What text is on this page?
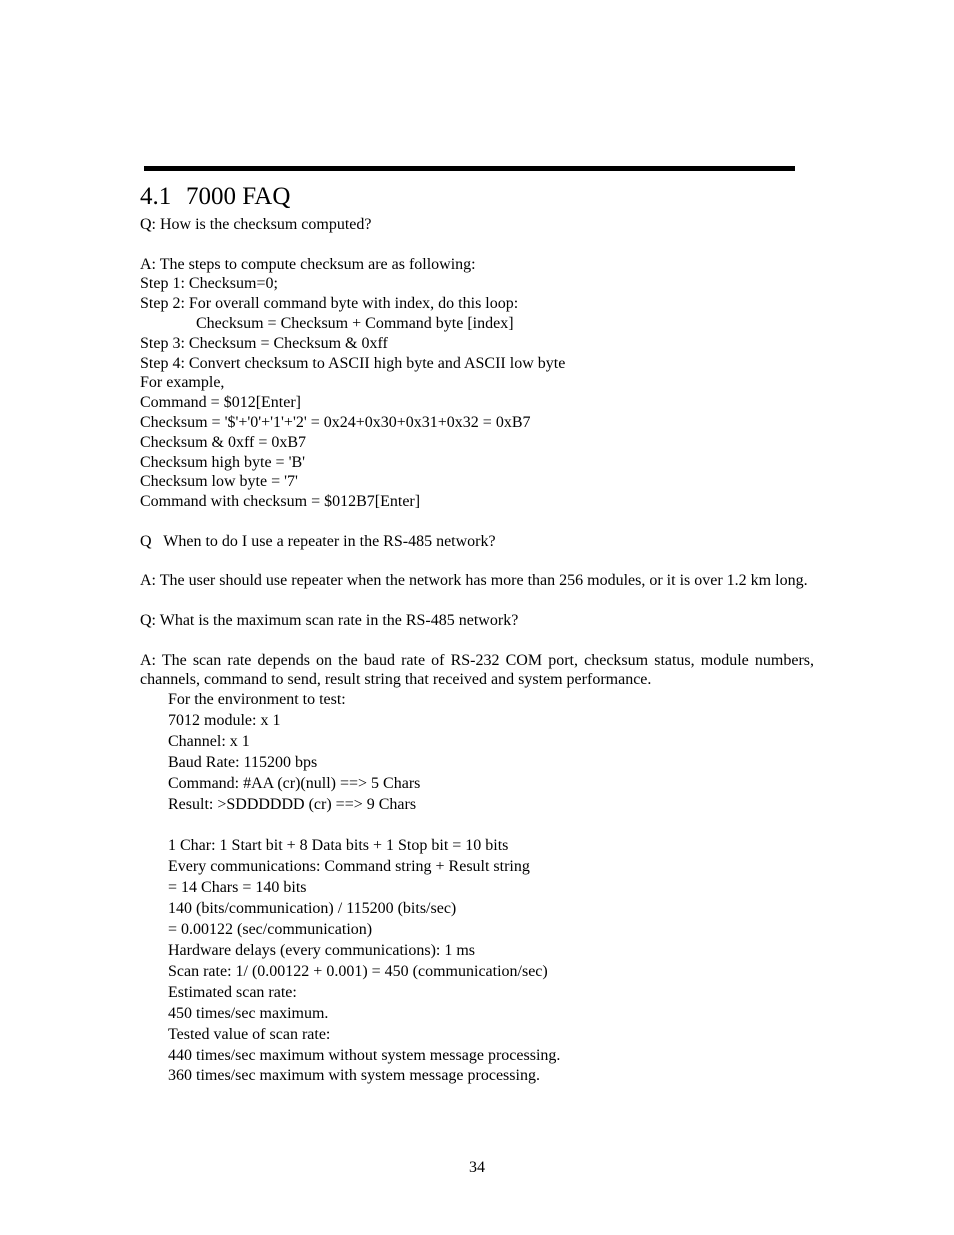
4.1 7000 FAQ
Q: How is the checksum computed?
A: The steps to compute checksum are as following:
Step 1: Checksum=0;
Step 2: For overall command byte with index, do this loop:
Checksum = Checksum + Command byte [index]
Step 3: Checksum = Checksum & 0xff
Step 4: Convert checksum to ASCII high byte and ASCII low byte
For example,
Command = $012[Enter]
Checksum = '$'+'0'+'1'+'2' = 0x24+0x30+0x31+0x32 = 0xB7
Checksum & 0xff = 0xB7
Checksum high byte = 'B'
Checksum low byte = '7'
Command with checksum = $012B7[Enter]
Q   When to do I use a repeater in the RS-485 network?
A: The user should use repeater when the network has more than 256 modules, or it is over 1.2 km long.
Q: What is the maximum scan rate in the RS-485 network?
A: The scan rate depends on the baud rate of RS-232 COM port, checksum status, module numbers, channels, command to send, result string that received and system performance.
For the environment to test:
7012 module: x 1
Channel: x 1
Baud Rate: 115200 bps
Command: #AA (cr)(null) ==> 5 Chars
Result: >SDDDDDD (cr) ==> 9 Chars
1 Char: 1 Start bit + 8 Data bits + 1 Stop bit = 10 bits
Every communications: Command string + Result string
= 14 Chars = 140 bits
140 (bits/communication) / 115200 (bits/sec)
= 0.00122 (sec/communication)
Hardware delays (every communications): 1 ms
Scan rate: 1/ (0.00122 + 0.001) = 450 (communication/sec)
Estimated scan rate:
450 times/sec maximum.
Tested value of scan rate:
440 times/sec maximum without system message processing.
360 times/sec maximum with system message processing.
34
